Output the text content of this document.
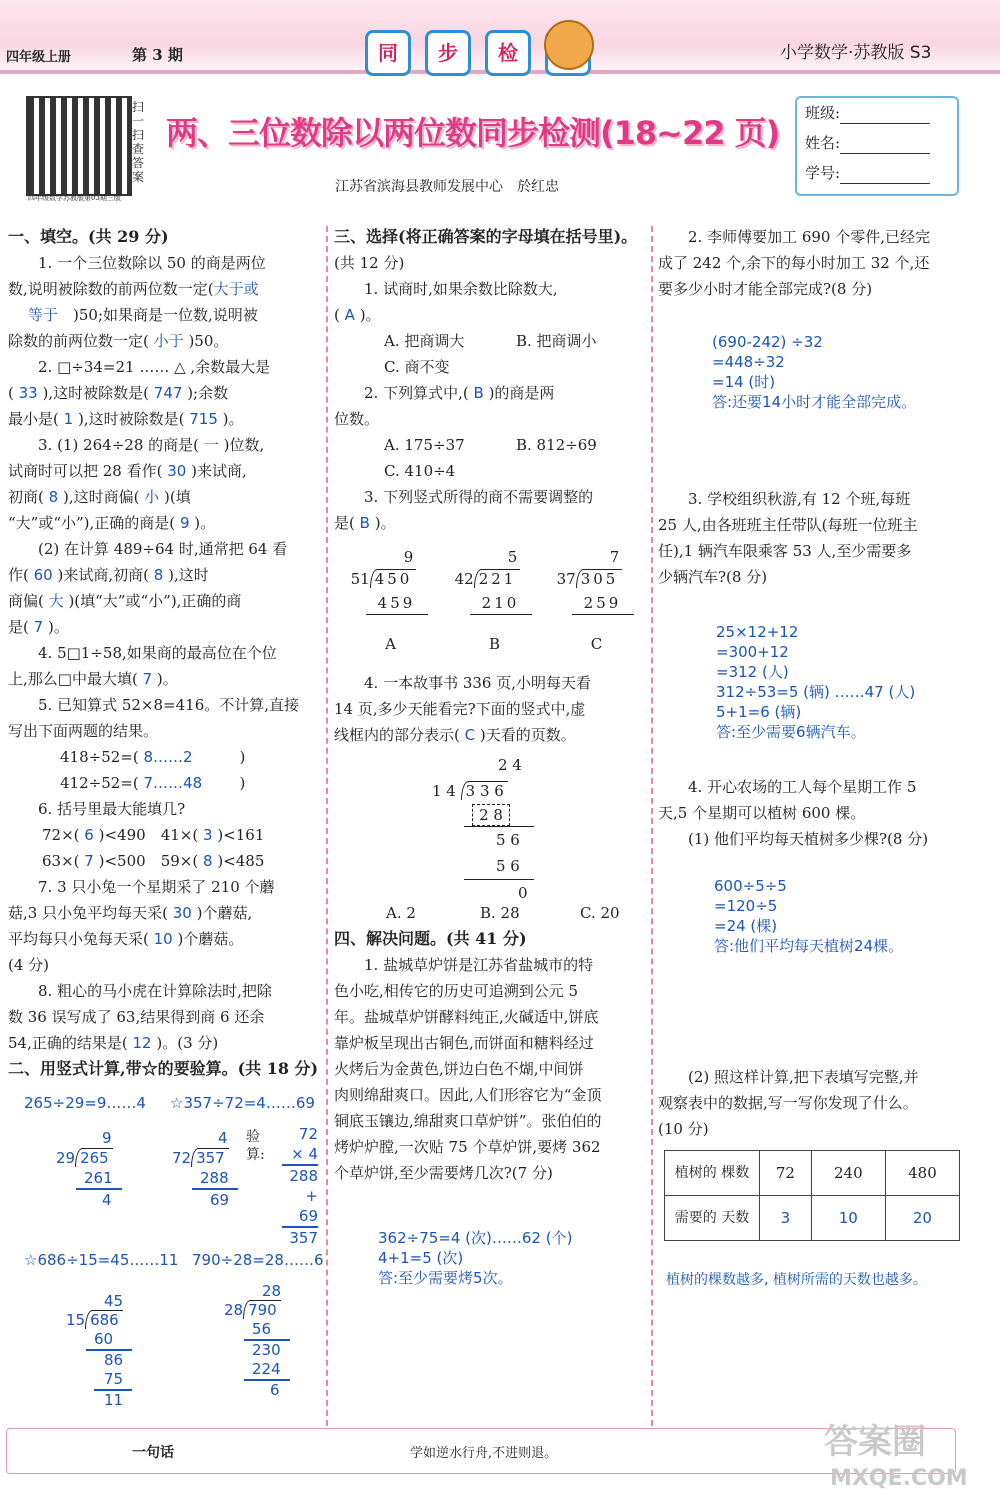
四年级上册	第 3 期	同	步	检	小学数学·苏教版 S3
扫一扫 查答案
四年级数学苏教版第03期三版
两、三位数除以两位数同步检测(18~22 页)
江苏省滨海县教师发展中心　於红忠
班级:
姓名:
学号:
一、填空。(共 29 分)
1. 一个三位数除以 50 的商是两位
数,说明被除数的前两位数一定(大于或
等于　 )50;如果商是一位数,说明被
除数的前两位数一定( 小于 )50。
2. □÷34=21 …… △ ,余数最大是
( 33 ),这时被除数是( 747 );余数
最小是( 1 ),这时被除数是( 715 )。
3. (1) 264÷28 的商是( 一 )位数,
试商时可以把 28 看作( 30 )来试商,
初商( 8 ),这时商偏( 小 )(填
“大”或“小”),正确的商是( 9 )。
(2) 在计算 489÷64 时,通常把 64 看
作( 60 )来试商,初商( 8 ),这时
商偏( 大 )(填“大”或“小”),正确的商
是( 7 )。
4. 5□1÷58,如果商的最高位在个位
上,那么□中最大填( 7 )。
5. 已知算式 52×8=416。不计算,直接
写出下面两题的结果。
418÷52=( 8……2	)
412÷52=( 7……48 )
6. 括号里最大能填几?
72×( 6 )<490　 41×( 3 )<161
63×( 7 )<500　 59×( 8 )<485
7. 3 只小兔一个星期采了 210 个蘑
菇,3 只小兔平均每天采( 30 )个蘑菇,
平均每只小兔每天采( 10 )个蘑菇。
(4 分)
8. 粗心的马小虎在计算除法时,把除
数 36 误写成了 63,结果得到商 6 还余
54,正确的结果是( 12 )。(3 分)
二、用竖式计算,带☆的要验算。(共 18 分)
265÷29=9……4 ☆357÷72=4……69
9
29 265
261
4
4
72 357
288
69
验算:
72
× 4
288
+ 69
357
☆686÷15=45……11 790÷28=28……6
45
15 686
60
86
75
11
28
28 790
56
230
224
6
三、选择(将正确答案的字母填在括号里)。
(共 12 分)
1. 试商时,如果余数比除数大,
( A )。
A. 把商调大	B. 把商调小
C. 商不变
2. 下列算式中,( B )的商是两
位数。
A. 175÷37	B. 812÷69
C. 410÷4
3. 下列竖式所得的商不需要调整的
是( B )。
9
51 450
459
A
5
42 221
210
B
7
37 305
259
C
4. 一本故事书 336 页,小明每天看
14 页,多少天能看完?下面的竖式中,虚
线框内的部分表示( C )天看的页数。
2 4
1 4 3 3 6
2 8
5 6
5 6
0
A. 2	B. 28	C. 20
四、解决问题。(共 41 分)
1. 盐城草炉饼是江苏省盐城市的特
色小吃,相传它的历史可追溯到公元 5
年。盐城草炉饼酵料纯正,火碱适中,饼底
靠炉板呈现出古铜色,而饼面和糖料经过
火烤后为金黄色,饼边白色不煳,中间饼
肉则绵甜爽口。因此,人们形容它为“金顶
铜底玉镶边,绵甜爽口草炉饼”。张伯伯的
烤炉炉膛,一次贴 75 个草炉饼,要烤 362
个草炉饼,至少需要烤几次?(7 分)
362÷75=4 (次)……62 (个)
4+1=5 (次)
答:至少需要烤5次。
2. 李师傅要加工 690 个零件,已经完
成了 242 个,余下的每小时加工 32 个,还
要多少小时才能全部完成?(8 分)
(690-242) ÷32
=448÷32
=14 (时)
答:还要14小时才能全部完成。
3. 学校组织秋游,有 12 个班,每班
25 人,由各班班主任带队(每班一位班主
任),1 辆汽车限乘客 53 人,至少需要多
少辆汽车?(8 分)
25×12+12
=300+12
=312 (人)
312÷53=5 (辆) ……47 (人)
5+1=6 (辆)
答:至少需要6辆汽车。
4. 开心农场的工人每个星期工作 5
天,5 个星期可以植树 600 棵。
(1) 他们平均每天植树多少棵?(8 分)
600÷5÷5
=120÷5
=24 (棵)
答:他们平均每天植树24棵。
(2) 照这样计算,把下表填写完整,并
观察表中的数据,写一写你发现了什么。
(10 分)
植树的 棵数	72	240	480
需要的 天数	3	10	20
植树的棵数越多, 植树所需的天数也越多。
一句话	学如逆水行舟,不进则退。	答案圈
MXQE.COM
